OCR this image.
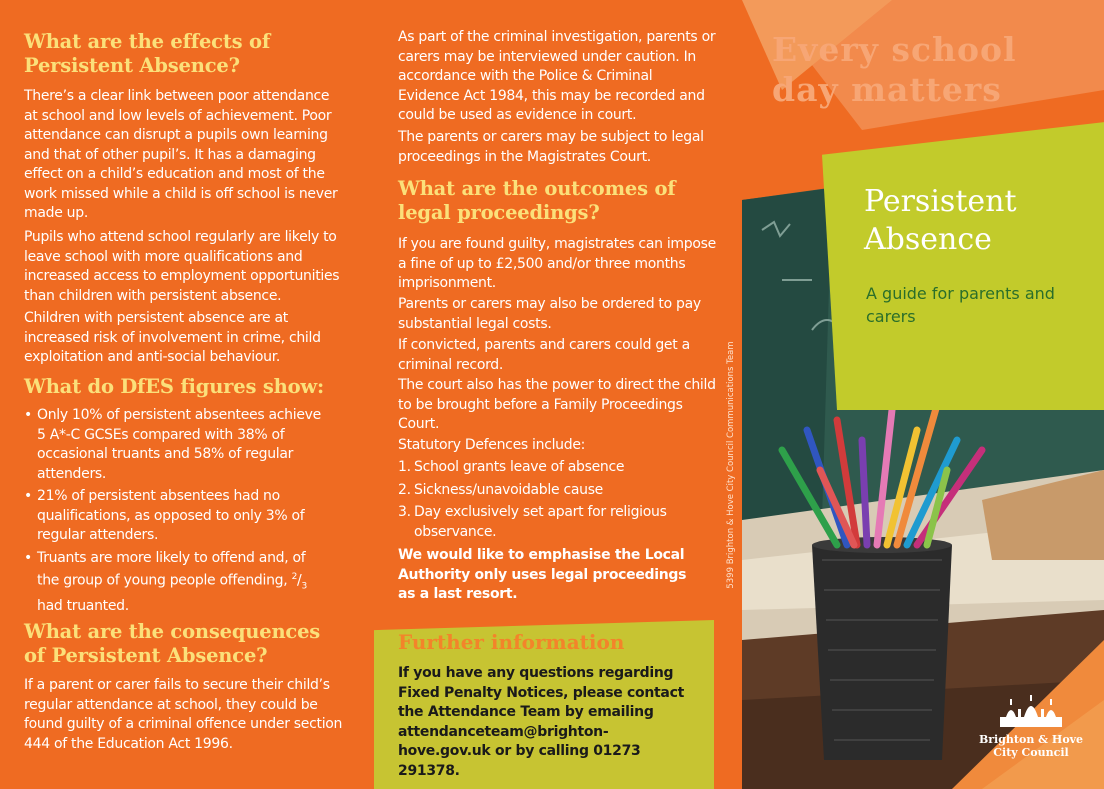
What are the effects of Persistent Absence?

There’s a clear link between poor attendance at school and low levels of achievement. Poor attendance can disrupt a pupils own learning and that of other pupil’s. It has a damaging effect on a child’s education and most of the work missed while a child is off school is never made up.

Pupils who attend school regularly are likely to leave school with more qualifications and increased access to employment opportunities than children with persistent absence.

Children with persistent absence are at increased risk of involvement in crime, child exploitation and anti-social behaviour.

What do DfES figures show:
• Only 10% of persistent absentees achieve 5 A*-C GCSEs compared with 38% of occasional truants and 58% of regular attenders.
• 21% of persistent absentees had no qualifications, as opposed to only 3% of regular attenders.
• Truants are more likely to offend and, of the group of young people offending, $^2/_3$ had truanted.
What are the consequences of Persistent Absence?

If a parent or carer fails to secure their child’s regular attendance at school, they could be found guilty of a criminal offence under section 444 of the Education Act 1996.

As part of the criminal investigation, parents or carers may be interviewed under caution. In accordance with the Police & Criminal Evidence Act 1984, this may be recorded and could be used as evidence in court.

The parents or carers may be subject to legal proceedings in the Magistrates Court.

What are the outcomes of legal proceedings?

If you are found guilty, magistrates can impose a fine of up to £2,500 and/or three months imprisonment.

Parents or carers may also be ordered to pay substantial legal costs.

If convicted, parents and carers could get a criminal record.

The court also has the power to direct the child to be brought before a Family Proceedings Court.

Statutory Defences include:

1. School grants leave of absence
2. Sickness/unavoidable cause
3. Day exclusively set apart for religious observance.

We would like to emphasise the Local Authority only uses legal proceedings as a last resort.

Further information
If you have any questions regarding Fixed Penalty Notices, please contact the Attendance Team by emailing attendanceteam@brighton-hove.gov.uk or by calling 01273 291378.
5399 Brighton & Hove City Council Communications Team
Every school day matters
Persistent Absence
A guide for parents and carers
Brighton & Hove City Council
